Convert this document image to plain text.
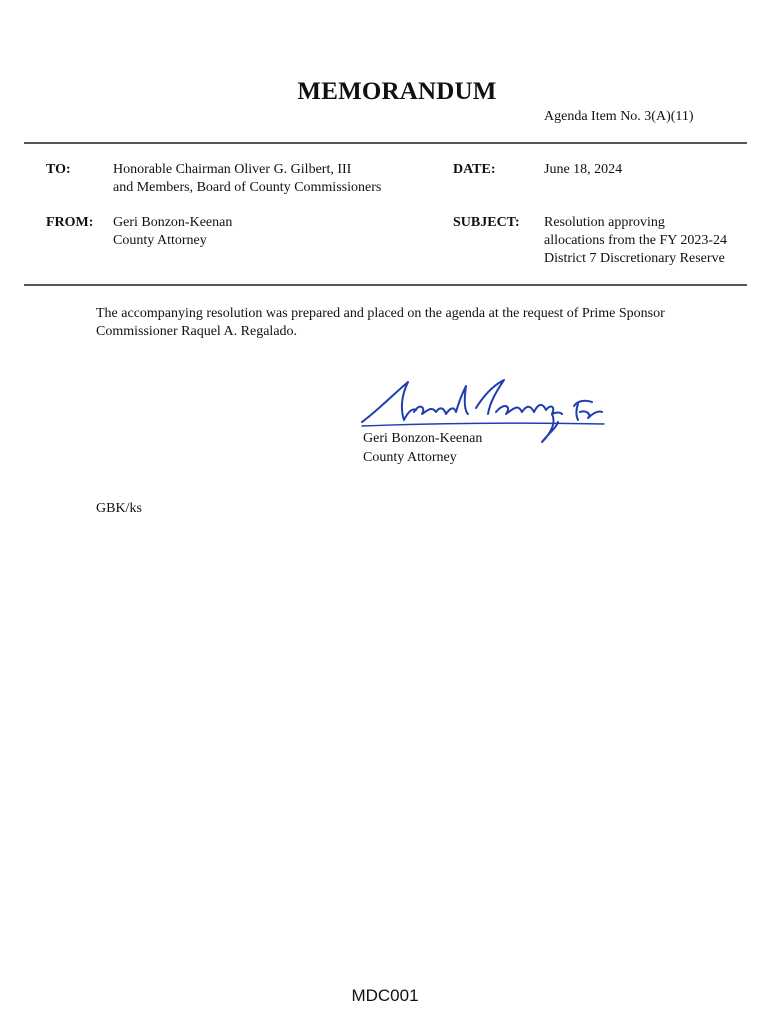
MEMORANDUM
Agenda Item No. 3(A)(11)
TO:	Honorable Chairman Oliver G. Gilbert, III
and Members, Board of County Commissioners
DATE:	June 18, 2024
FROM: Geri Bonzon-Keenan
County Attorney
SUBJECT: Resolution approving
allocations from the FY 2023-24
District 7 Discretionary Reserve
The accompanying resolution was prepared and placed on the agenda at the request of Prime Sponsor
Commissioner Raquel A. Regalado.
Geri Bonzon-Keenan
County Attorney
GBK/ks
MDC001
